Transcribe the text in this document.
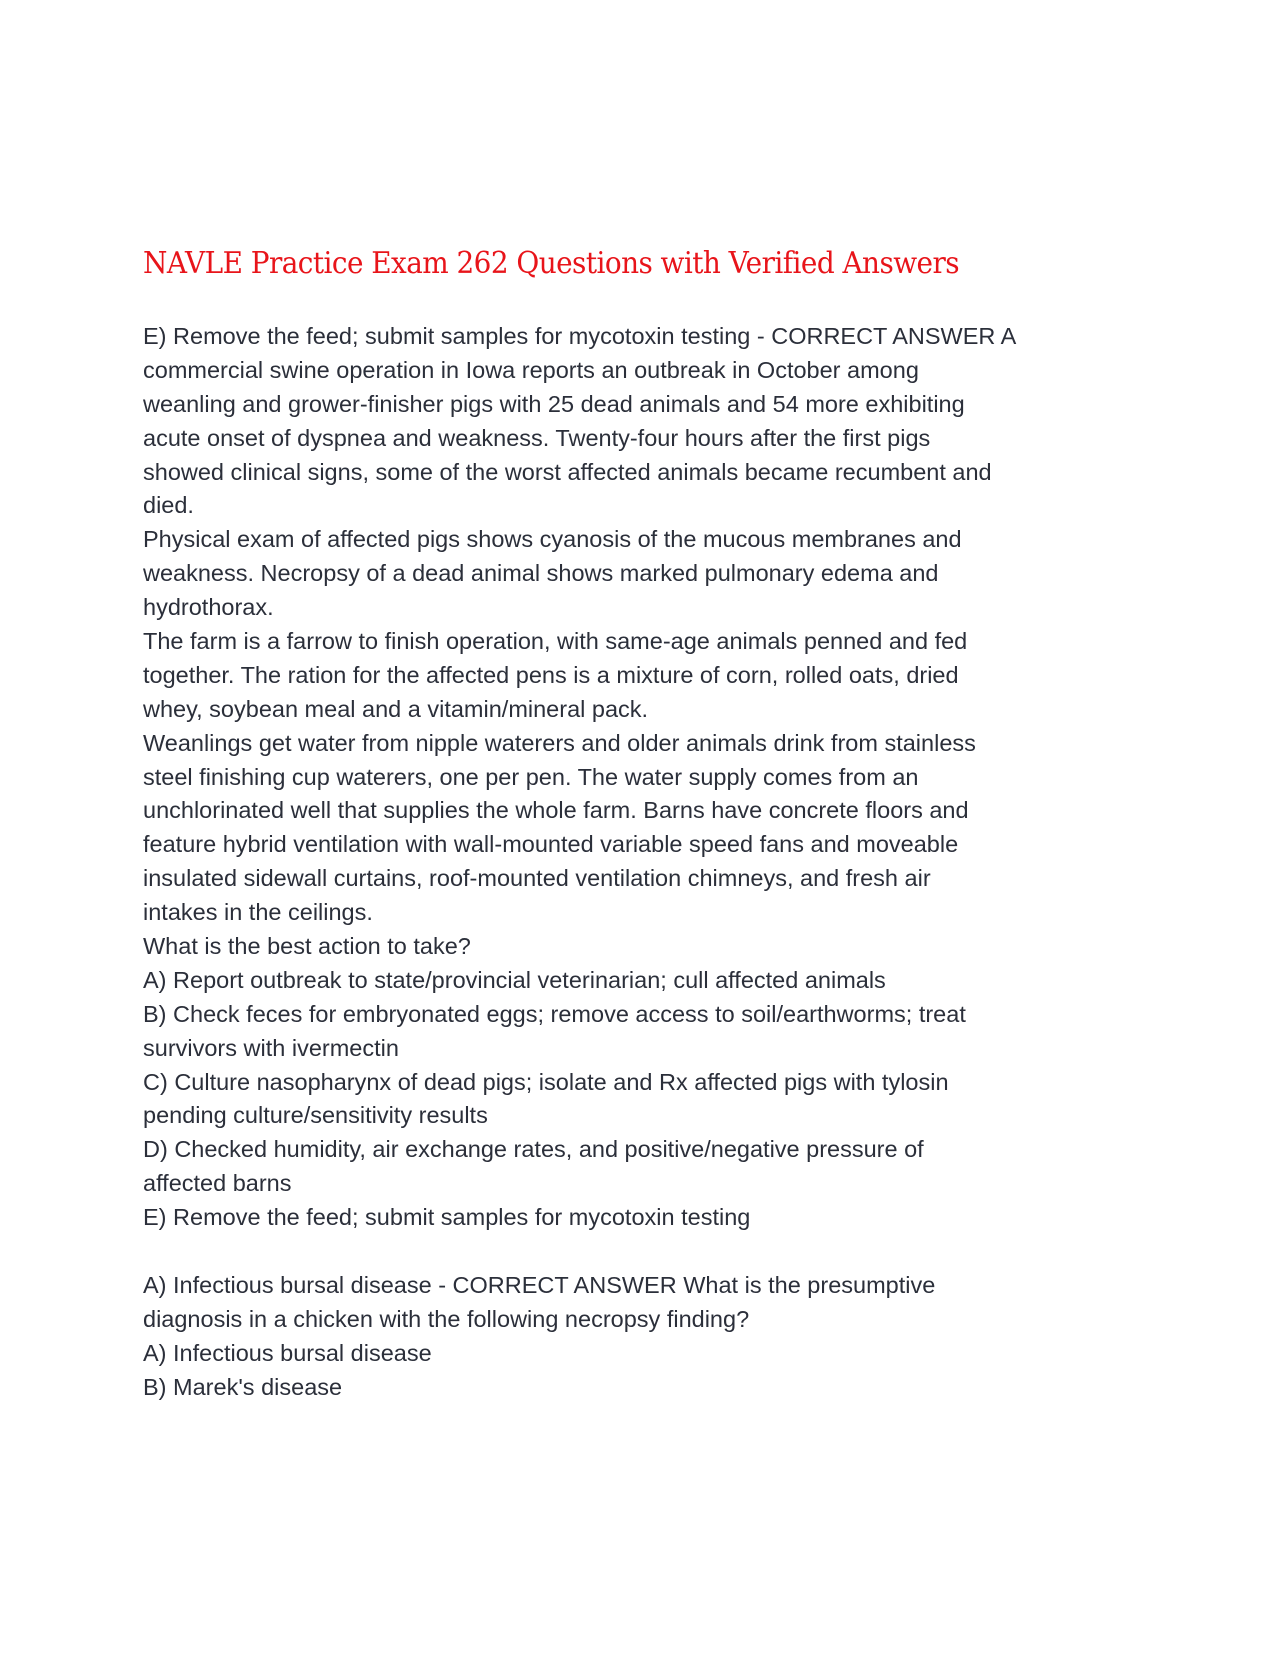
NAVLE Practice Exam 262 Questions with Verified Answers
E) Remove the feed; submit samples for mycotoxin testing - CORRECT ANSWER A
commercial swine operation in Iowa reports an outbreak in October among
weanling and grower-finisher pigs with 25 dead animals and 54 more exhibiting
acute onset of dyspnea and weakness. Twenty-four hours after the first pigs
showed clinical signs, some of the worst affected animals became recumbent and
died.
Physical exam of affected pigs shows cyanosis of the mucous membranes and
weakness. Necropsy of a dead animal shows marked pulmonary edema and
hydrothorax.
The farm is a farrow to finish operation, with same-age animals penned and fed
together. The ration for the affected pens is a mixture of corn, rolled oats, dried
whey, soybean meal and a vitamin/mineral pack.
Weanlings get water from nipple waterers and older animals drink from stainless
steel finishing cup waterers, one per pen. The water supply comes from an
unchlorinated well that supplies the whole farm. Barns have concrete floors and
feature hybrid ventilation with wall-mounted variable speed fans and moveable
insulated sidewall curtains, roof-mounted ventilation chimneys, and fresh air
intakes in the ceilings.
What is the best action to take?
A) Report outbreak to state/provincial veterinarian; cull affected animals
B) Check feces for embryonated eggs; remove access to soil/earthworms; treat
survivors with ivermectin
C) Culture nasopharynx of dead pigs; isolate and Rx affected pigs with tylosin
pending culture/sensitivity results
D) Checked humidity, air exchange rates, and positive/negative pressure of
affected barns
E) Remove the feed; submit samples for mycotoxin testing
A) Infectious bursal disease - CORRECT ANSWER What is the presumptive
diagnosis in a chicken with the following necropsy finding?
A) Infectious bursal disease
B) Marek's disease
